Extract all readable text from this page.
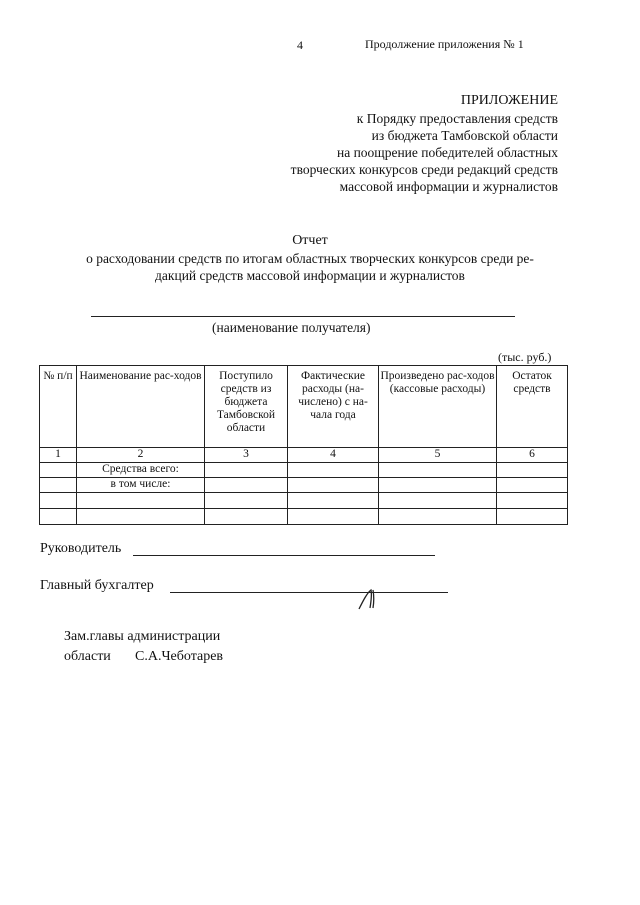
4	Продолжение приложения № 1
ПРИЛОЖЕНИЕ
к Порядку предоставления средств
из бюджета Тамбовской области
на поощрение победителей областных
творческих конкурсов среди редакций средств
массовой информации и журналистов
Отчет
о расходовании средств по итогам областных творческих конкурсов среди ре-
дакций средств массовой информации и журналистов
(наименование получателя)
(тыс. руб.)
№ п/п	Наименование рас-ходов	Поступило средств из бюджета Тамбовской области	Фактические расходы (на-числено) с на-чала года	Произведено рас-ходов (кассовые расходы)	Остаток средств
1	2	3	4	5	6
	Средства всего:				
	в том числе:				

Руководитель
Главный бухгалтер
Зам.главы администрации
области С.А.Чеботарев
